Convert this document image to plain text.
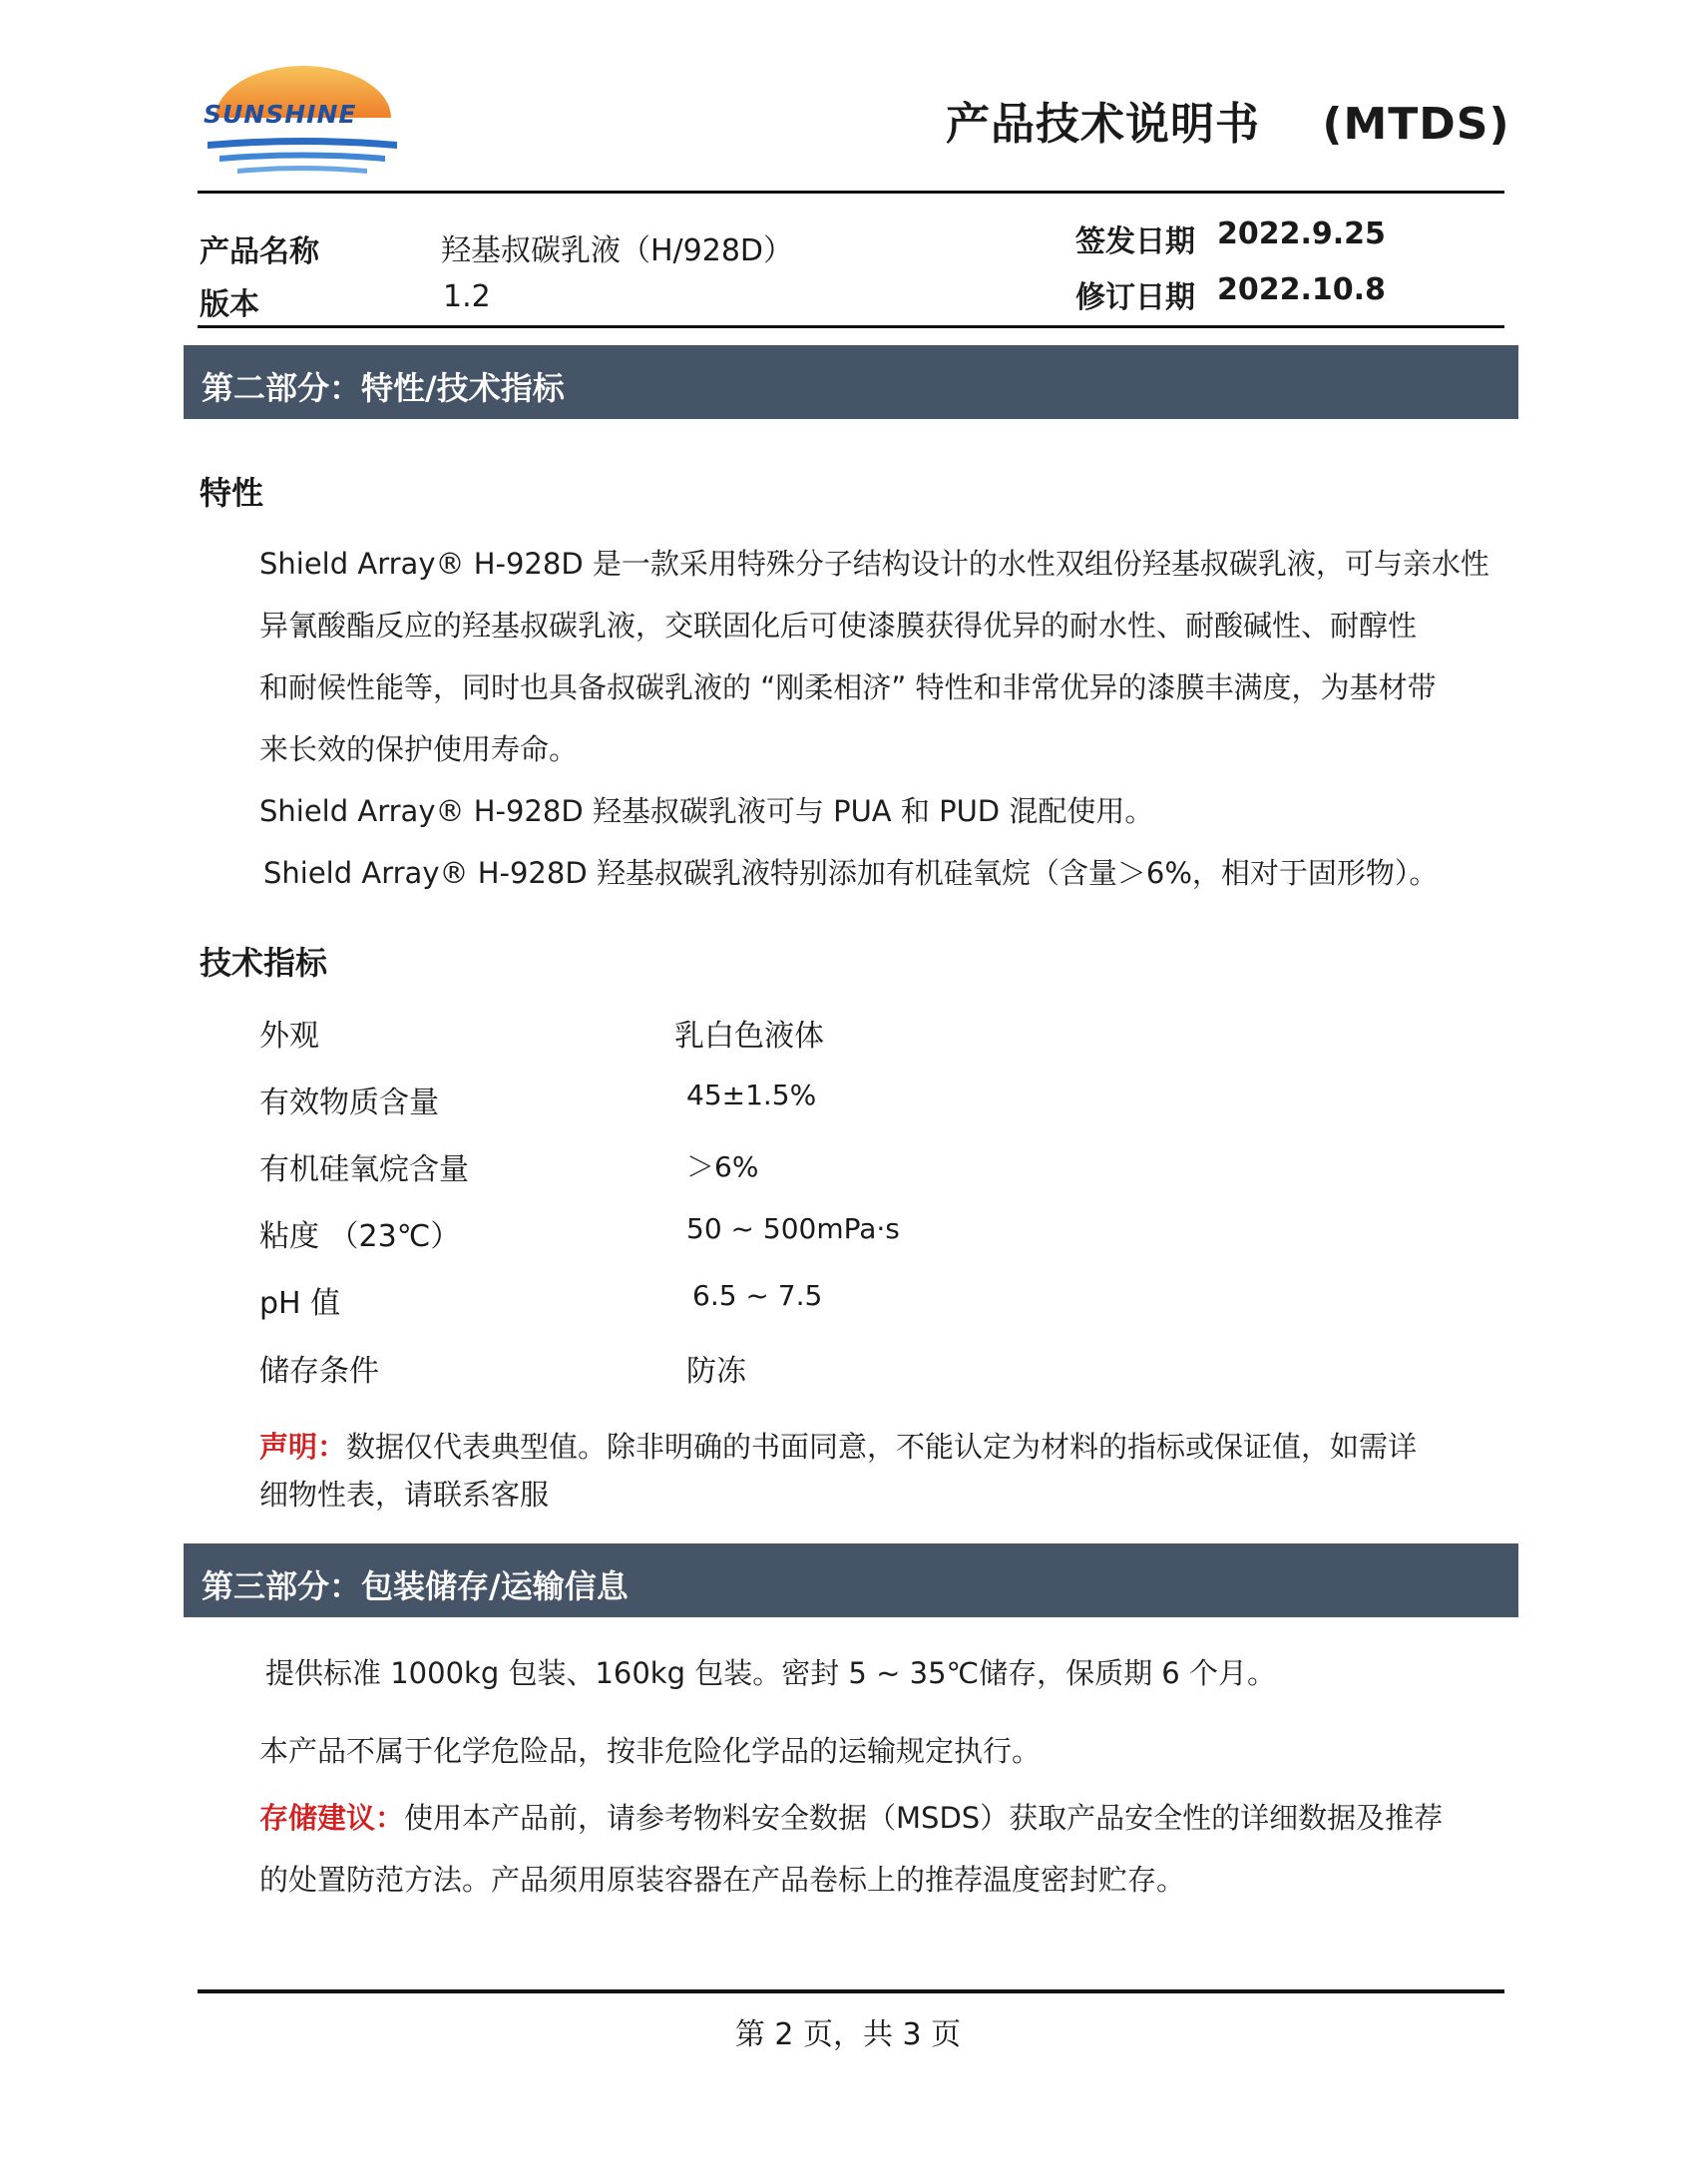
SUNSHINE	产品技术说明书 (MTDS)
产品名称	羟基叔碳乳液（H/928D）
版本	1.2
签发日期 2022.9.25
修订日期 2022.10.8
第二部分：特性/技术指标
特性
Shield Array® H-928D 是一款采用特殊分子结构设计的水性双组份羟基叔碳乳液，可与亲水性
异氰酸酯反应的羟基叔碳乳液，交联固化后可使漆膜获得优异的耐水性、耐酸碱性、耐醇性
和耐候性能等，同时也具备叔碳乳液的 “刚柔相济” 特性和非常优异的漆膜丰满度，为基材带
来长效的保护使用寿命。
Shield Array® H-928D 羟基叔碳乳液可与 PUA 和 PUD 混配使用。
Shield Array® H-928D 羟基叔碳乳液特别添加有机硅氧烷（含量＞6%，相对于固形物）。
技术指标
外观	乳白色液体
有效物质含量	45±1.5%
有机硅氧烷含量	＞6%
粘度 （23℃）	50 ~ 500mPa·s
pH 值	6.5 ~ 7.5
储存条件	防冻
声明：数据仅代表典型值。除非明确的书面同意，不能认定为材料的指标或保证值，如需详
细物性表，请联系客服
第三部分：包装储存/运输信息
提供标准 1000kg 包装、160kg 包装。密封 5 ~ 35℃储存，保质期 6 个月。
本产品不属于化学危险品，按非危险化学品的运输规定执行。
存储建议：使用本产品前，请参考物料安全数据（MSDS）获取产品安全性的详细数据及推荐
的处置防范方法。产品须用原装容器在产品卷标上的推荐温度密封贮存。
第 2 页，共 3 页
